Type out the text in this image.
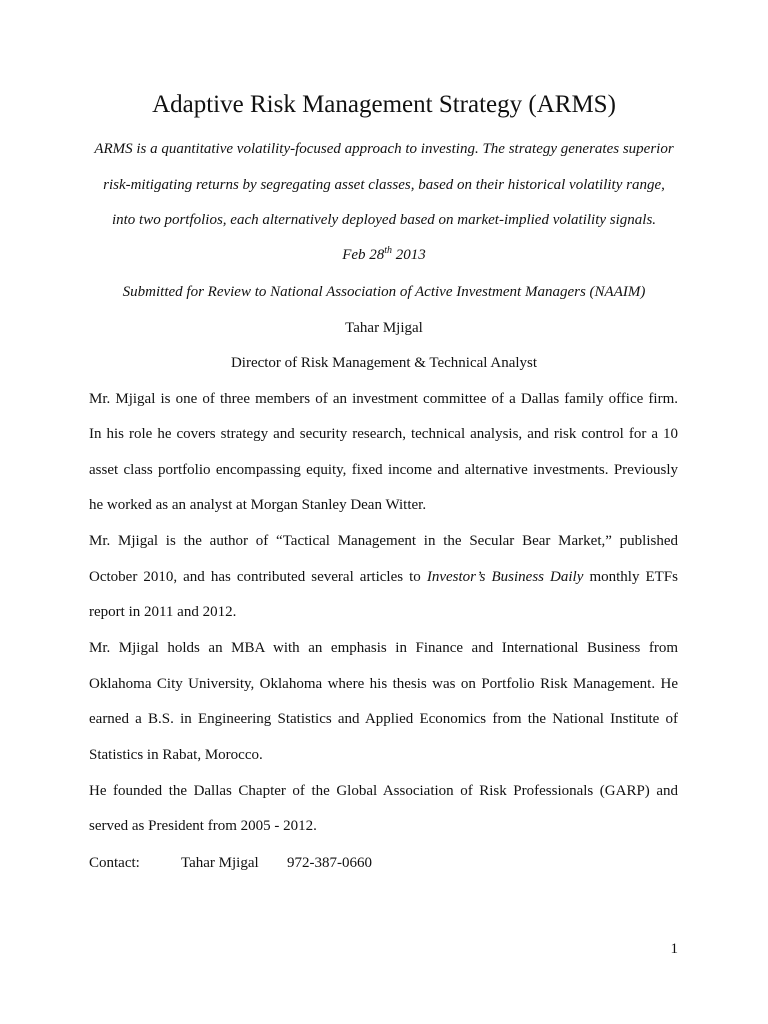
Adaptive Risk Management Strategy (ARMS)

ARMS is a quantitative volatility-focused approach to investing. The strategy generates superior

risk-mitigating returns by segregating asset classes, based on their historical volatility range,

into two portfolios, each alternatively deployed based on market-implied volatility signals.

Feb 28th 2013

Submitted for Review to National Association of Active Investment Managers (NAAIM)

Tahar Mjigal

Director of Risk Management & Technical Analyst

Mr. Mjigal is one of three members of an investment committee of a Dallas family office firm.

In his role he covers strategy and security research, technical analysis, and risk control for a 10

asset class portfolio encompassing equity, fixed income and alternative investments. Previously

he worked as an analyst at Morgan Stanley Dean Witter.

Mr. Mjigal is the author of “Tactical Management in the Secular Bear Market,” published

October 2010, and has contributed several articles to Investor’s Business Daily monthly ETFs

report in 2011 and 2012.

Mr. Mjigal holds an MBA with an emphasis in Finance and International Business from

Oklahoma City University, Oklahoma where his thesis was on Portfolio Risk Management. He

earned a B.S. in Engineering Statistics and Applied Economics from the National Institute of

Statistics in Rabat, Morocco.

He founded the Dallas Chapter of the Global Association of Risk Professionals (GARP) and

served as President from 2005 - 2012.

Contact:	Tahar Mjigal 972-387-0660
1
